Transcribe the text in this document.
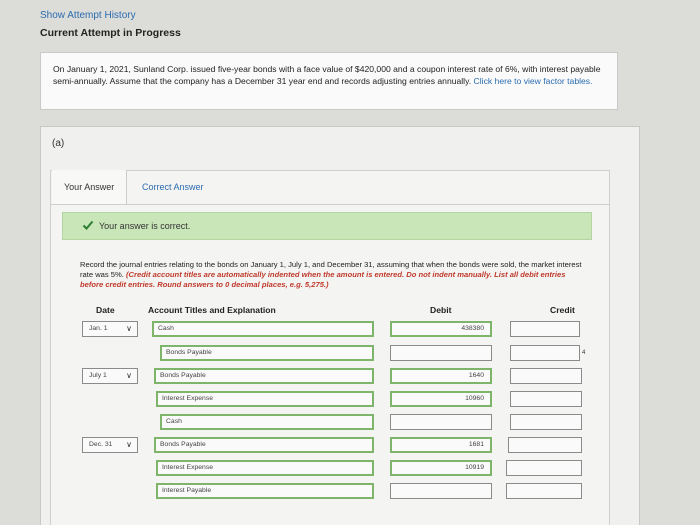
Show Attempt History
Current Attempt in Progress
On January 1, 2021, Sunland Corp. issued five-year bonds with a face value of $420,000 and a coupon interest rate of 6%, with interest payable semi-annually. Assume that the company has a December 31 year end and records adjusting entries annually. Click here to view factor tables.
(a)
Your Answer	Correct Answer
Your answer is correct.
Record the journal entries relating to the bonds on January 1, July 1, and December 31, assuming that when the bonds were sold, the market interest rate was 5%. (Credit account titles are automatically indented when the amount is entered. Do not indent manually. List all debit entries before credit entries. Round answers to 0 decimal places, e.g. 5,275.)
Date	Account Titles and Explanation	Debit	Credit
Jan. 1 ∨	Cash	438380
Bonds Payable	4
July 1 ∨	Bonds Payable	1640
Interest Expense	10960
Cash
Dec. 31 ∨	Bonds Payable	1681
Interest Expense	10919
Interest Payable
